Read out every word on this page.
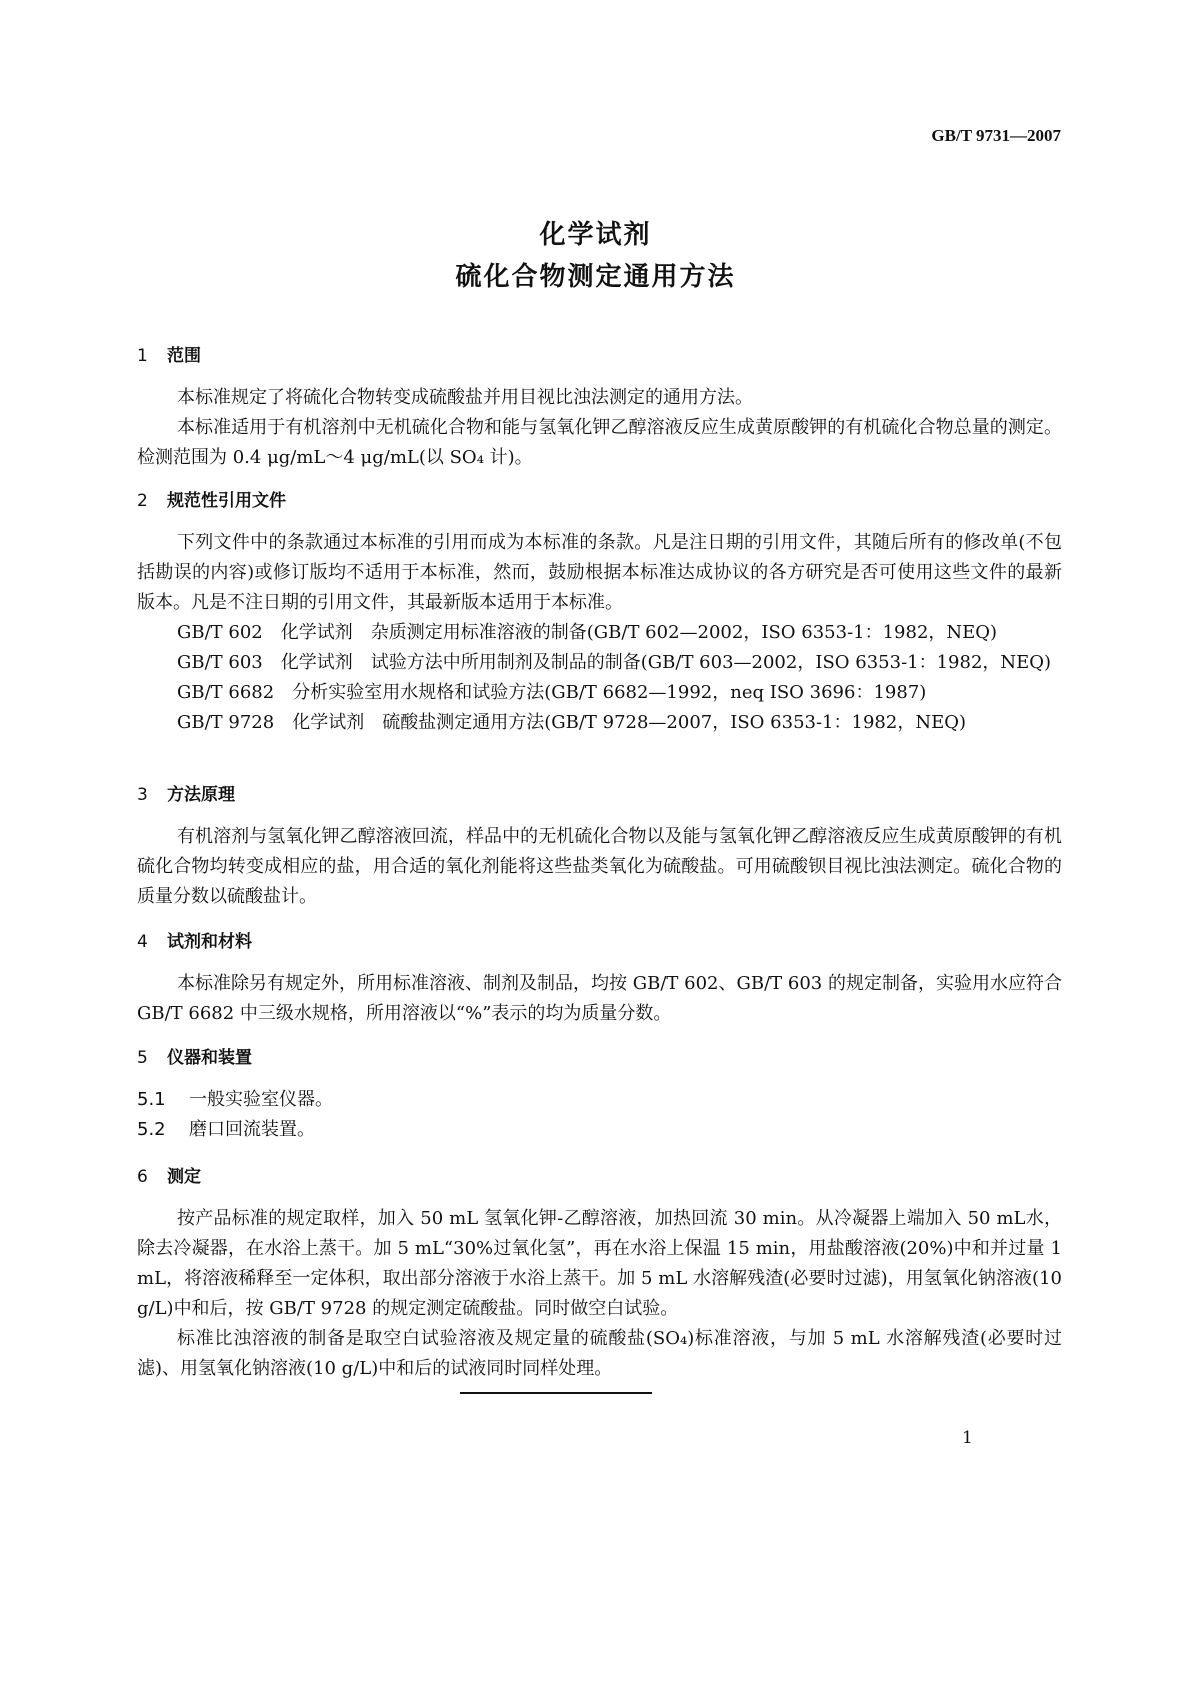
GB/T 9731—2007
化学试剂
硫化合物测定通用方法
1 范围

本标准规定了将硫化合物转变成硫酸盐并用目视比浊法测定的通用方法。

本标准适用于有机溶剂中无机硫化合物和能与氢氧化钾乙醇溶液反应生成黄原酸钾的有机硫化合物总量的测定。检测范围为 0.4 μg/mL～4 μg/mL(以 SO₄ 计)。

2 规范性引用文件

下列文件中的条款通过本标准的引用而成为本标准的条款。凡是注日期的引用文件，其随后所有的修改单(不包括勘误的内容)或修订版均不适用于本标准，然而，鼓励根据本标准达成协议的各方研究是否可使用这些文件的最新版本。凡是不注日期的引用文件，其最新版本适用于本标准。

GB/T 602　化学试剂　杂质测定用标准溶液的制备(GB/T 602—2002，ISO 6353-1：1982，NEQ)

GB/T 603　化学试剂　试验方法中所用制剂及制品的制备(GB/T 603—2002，ISO 6353-1：1982，NEQ)

GB/T 6682　分析实验室用水规格和试验方法(GB/T 6682—1992，neq ISO 3696：1987)

GB/T 9728　化学试剂　硫酸盐测定通用方法(GB/T 9728—2007，ISO 6353-1：1982，NEQ)

3 方法原理

有机溶剂与氢氧化钾乙醇溶液回流，样品中的无机硫化合物以及能与氢氧化钾乙醇溶液反应生成黄原酸钾的有机硫化合物均转变成相应的盐，用合适的氧化剂能将这些盐类氧化为硫酸盐。可用硫酸钡目视比浊法测定。硫化合物的质量分数以硫酸盐计。

4 试剂和材料

本标准除另有规定外，所用标准溶液、制剂及制品，均按 GB/T 602、GB/T 603 的规定制备，实验用水应符合 GB/T 6682 中三级水规格，所用溶液以“%”表示的均为质量分数。

5 仪器和装置

5.1 一般实验室仪器。

5.2 磨口回流装置。

6 测定

按产品标准的规定取样，加入 50 mL 氢氧化钾-乙醇溶液，加热回流 30 min。从冷凝器上端加入 50 mL水，除去冷凝器，在水浴上蒸干。加 5 mL“30%过氧化氢”，再在水浴上保温 15 min，用盐酸溶液(20%)中和并过量 1 mL，将溶液稀释至一定体积，取出部分溶液于水浴上蒸干。加 5 mL 水溶解残渣(必要时过滤)，用氢氧化钠溶液(10 g/L)中和后，按 GB/T 9728 的规定测定硫酸盐。同时做空白试验。

标准比浊溶液的制备是取空白试验溶液及规定量的硫酸盐(SO₄)标准溶液，与加 5 mL 水溶解残渣(必要时过滤)、用氢氧化钠溶液(10 g/L)中和后的试液同时同样处理。

1
